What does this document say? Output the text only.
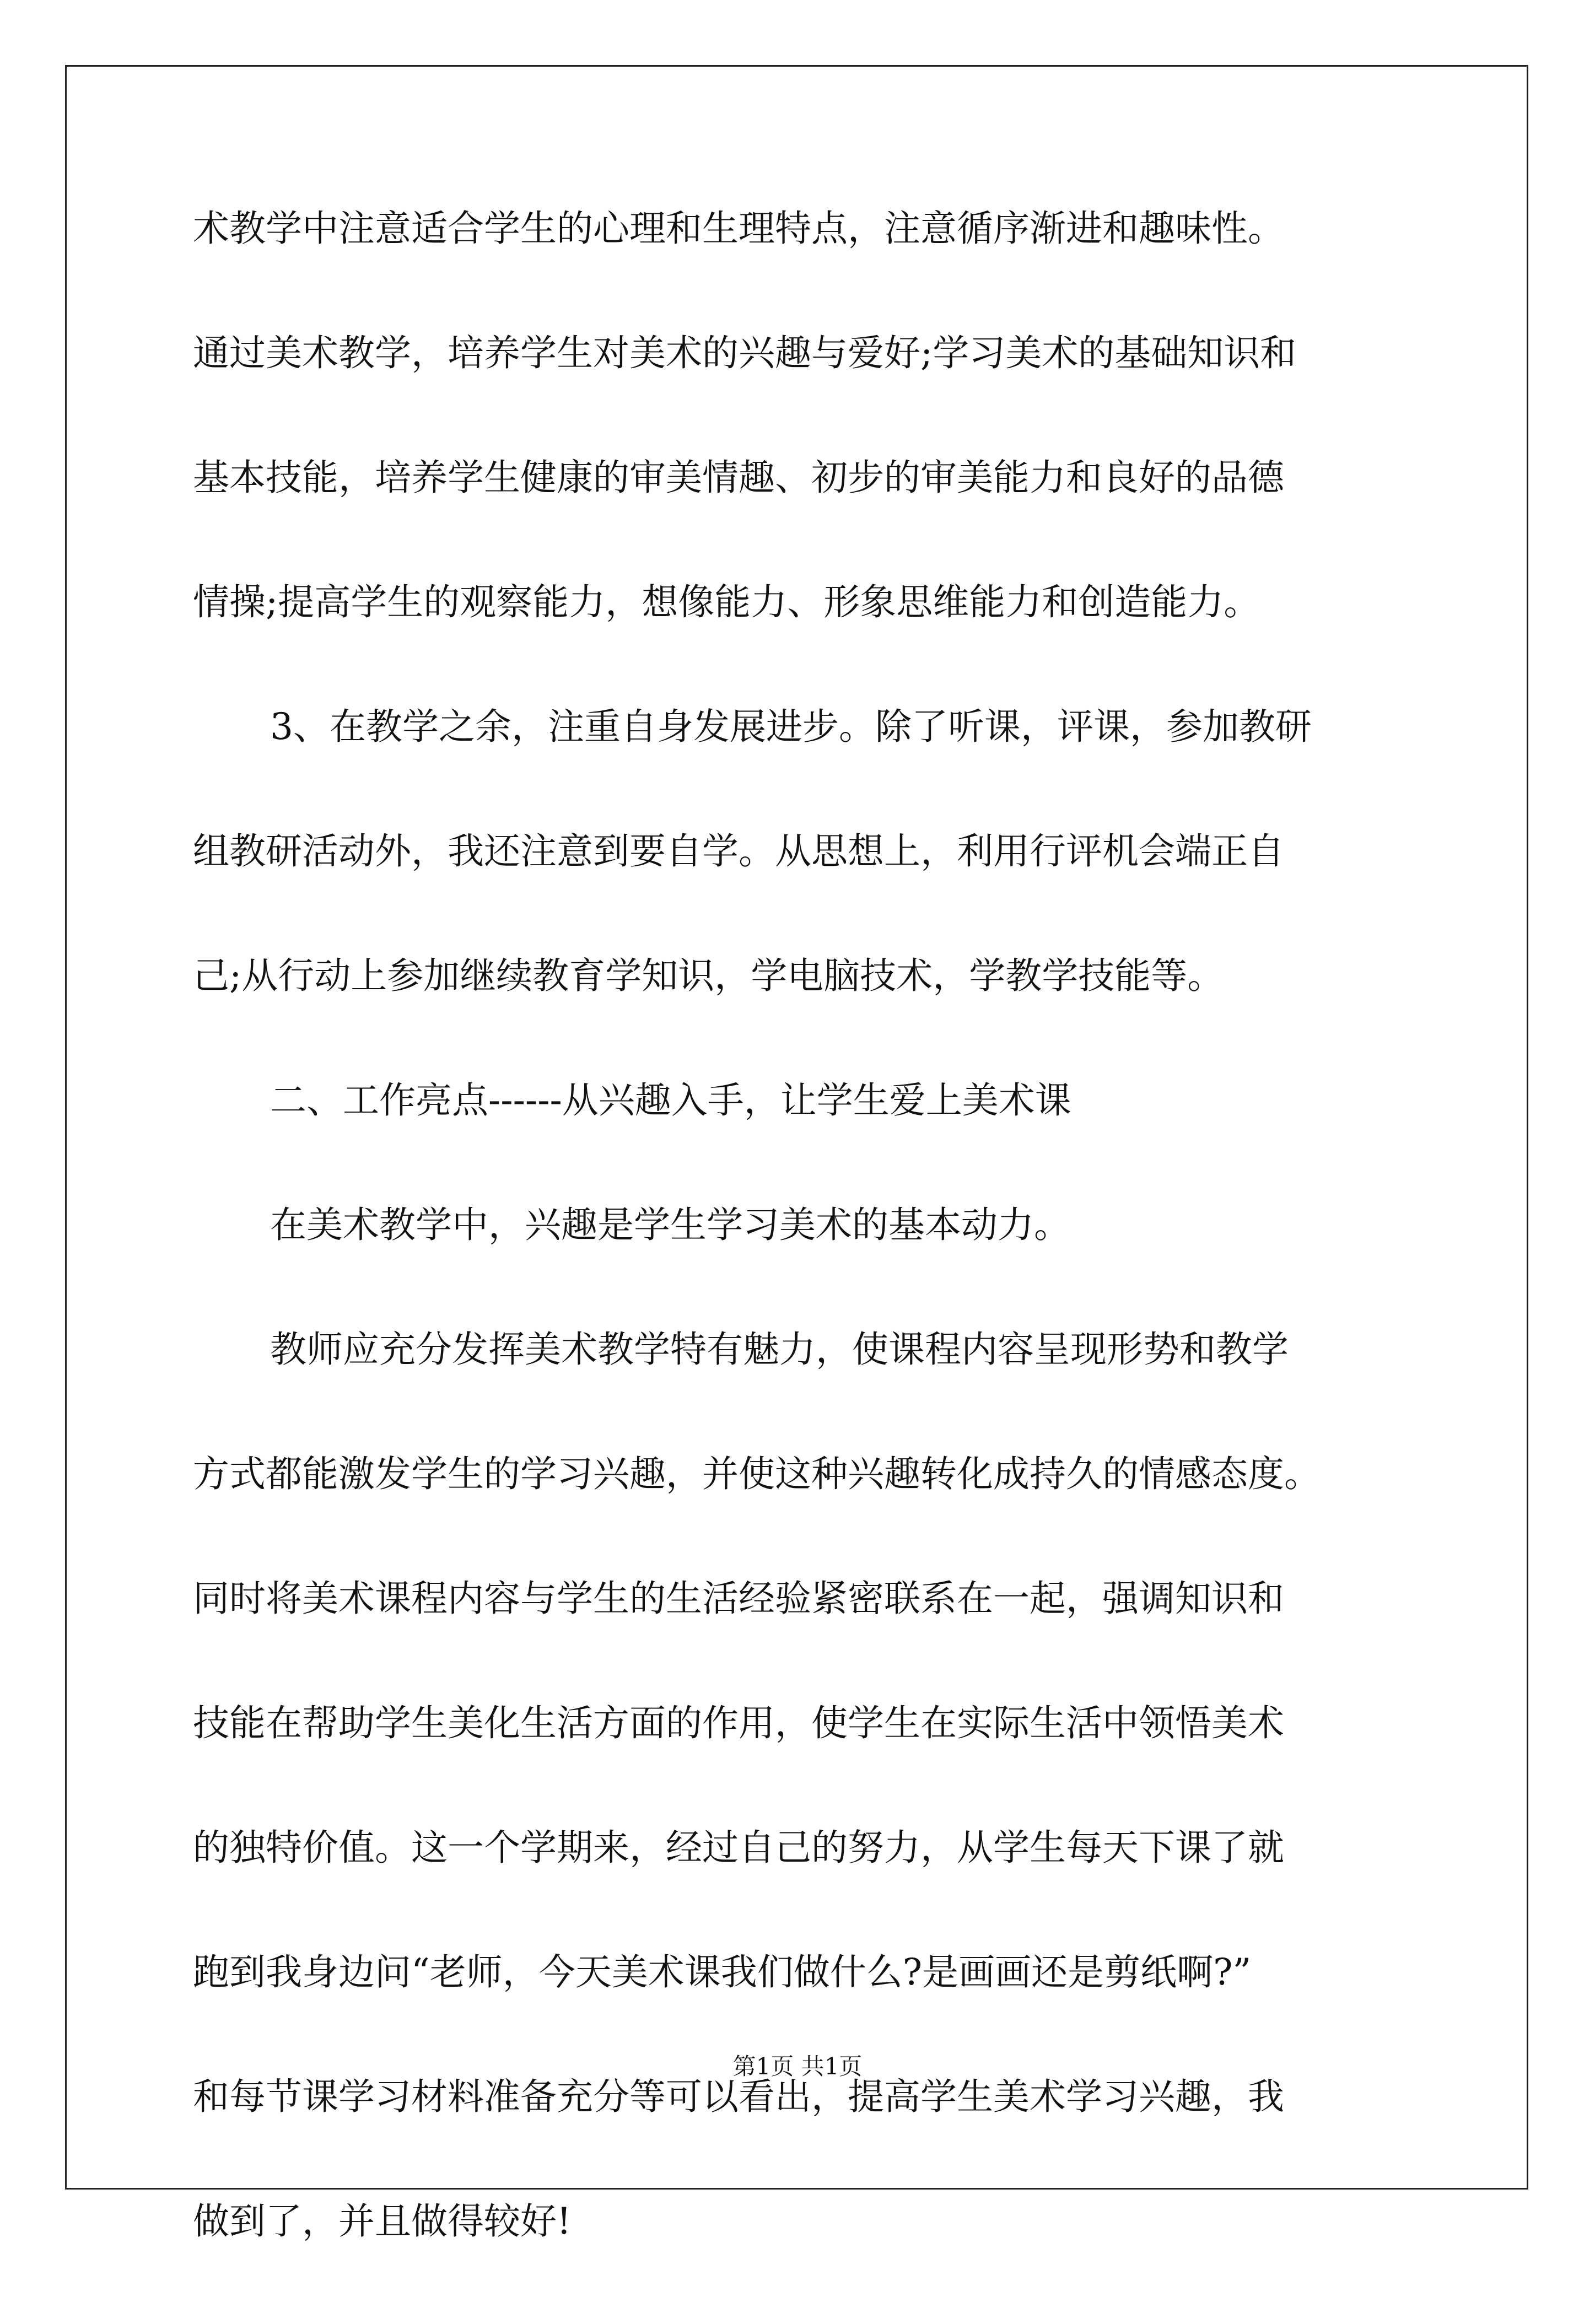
术教学中注意适合学生的心理和生理特点，注意循序渐进和趣味性。
通过美术教学，培养学生对美术的兴趣与爱好;学习美术的基础知识和
基本技能，培养学生健康的审美情趣、初步的审美能力和良好的品德
情操;提高学生的观察能力，想像能力、形象思维能力和创造能力。
3、在教学之余，注重自身发展进步。除了听课，评课，参加教研
组教研活动外，我还注意到要自学。从思想上，利用行评机会端正自
己;从行动上参加继续教育学知识，学电脑技术，学教学技能等。
二、工作亮点------从兴趣入手，让学生爱上美术课
在美术教学中，兴趣是学生学习美术的基本动力。
教师应充分发挥美术教学特有魅力，使课程内容呈现形势和教学
方式都能激发学生的学习兴趣，并使这种兴趣转化成持久的情感态度。
同时将美术课程内容与学生的生活经验紧密联系在一起，强调知识和
技能在帮助学生美化生活方面的作用，使学生在实际生活中领悟美术
的独特价值。这一个学期来，经过自己的努力，从学生每天下课了就
跑到我身边问“老师，今天美术课我们做什么?是画画还是剪纸啊?”
和每节课学习材料准备充分等可以看出，提高学生美术学习兴趣，我
做到了，并且做得较好!
第1页 共1页
